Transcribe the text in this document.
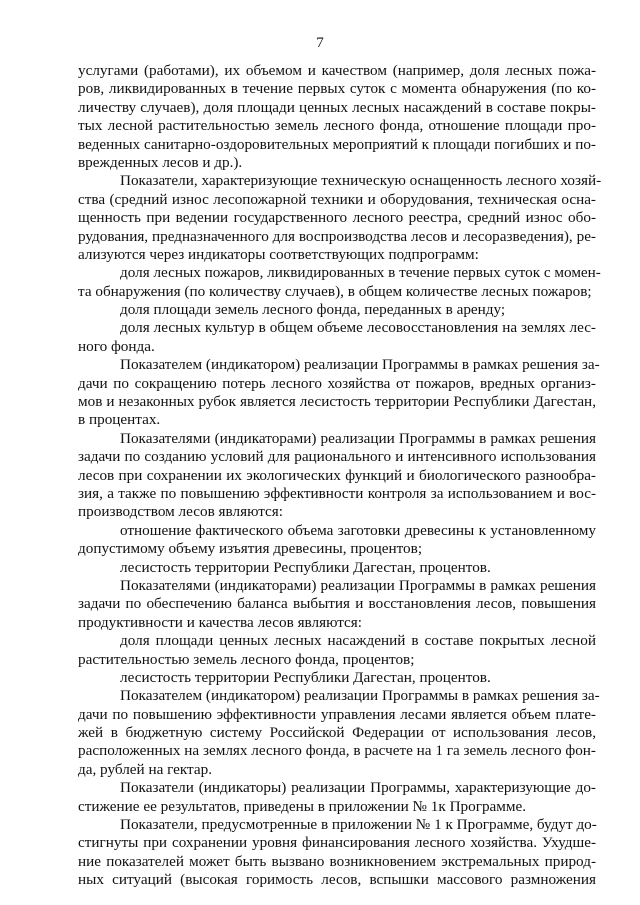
7
услугами (работами), их объемом и качеством (например, доля лесных пожа-
ров, ликвидированных в течение первых суток с момента обнаружения (по ко-
личеству случаев), доля площади ценных лесных насаждений в составе покры-
тых лесной растительностью земель лесного фонда, отношение площади про-
веденных санитарно-оздоровительных мероприятий к площади погибших и по-
врежденных лесов и др.).
Показатели, характеризующие техническую оснащенность лесного хозяй-
ства (средний износ лесопожарной техники и оборудования, техническая осна-
щенность при ведении государственного лесного реестра, средний износ обо-
рудования, предназначенного для воспроизводства лесов и лесоразведения), ре-
ализуются через индикаторы соответствующих подпрограмм:
доля лесных пожаров, ликвидированных в течение первых суток с момен-
та обнаружения (по количеству случаев), в общем количестве лесных пожаров;
доля площади земель лесного фонда, переданных в аренду;
доля лесных культур в общем объеме лесовосстановления на землях лес-
ного фонда.
Показателем (индикатором) реализации Программы в рамках решения за-
дачи по сокращению потерь лесного хозяйства от пожаров, вредных организ-
мов и незаконных рубок является лесистость территории Республики Дагестан,
в процентах.
Показателями (индикаторами) реализации Программы в рамках решения
задачи по созданию условий для рационального и интенсивного использования
лесов при сохранении их экологических функций и биологического разнообра-
зия, а также по повышению эффективности контроля за использованием и вос-
производством лесов являются:
отношение фактического объема заготовки древесины к установленному
допустимому объему изъятия древесины, процентов;
лесистость территории Республики Дагестан, процентов.
Показателями (индикаторами) реализации Программы в рамках решения
задачи по обеспечению баланса выбытия и восстановления лесов, повышения
продуктивности и качества лесов являются:
доля площади ценных лесных насаждений в составе покрытых лесной
растительностью земель лесного фонда, процентов;
лесистость территории Республики Дагестан, процентов.
Показателем (индикатором) реализации Программы в рамках решения за-
дачи по повышению эффективности управления лесами является объем плате-
жей в бюджетную систему Российской Федерации от использования лесов,
расположенных на землях лесного фонда, в расчете на 1 га земель лесного фон-
да, рублей на гектар.
Показатели (индикаторы) реализации Программы, характеризующие до-
стижение ее результатов, приведены в приложении № 1к Программе.
Показатели, предусмотренные в приложении № 1 к Программе, будут до-
стигнуты при сохранении уровня финансирования лесного хозяйства. Ухудше-
ние показателей может быть вызвано возникновением экстремальных природ-
ных ситуаций (высокая горимость лесов, вспышки массового размножения
